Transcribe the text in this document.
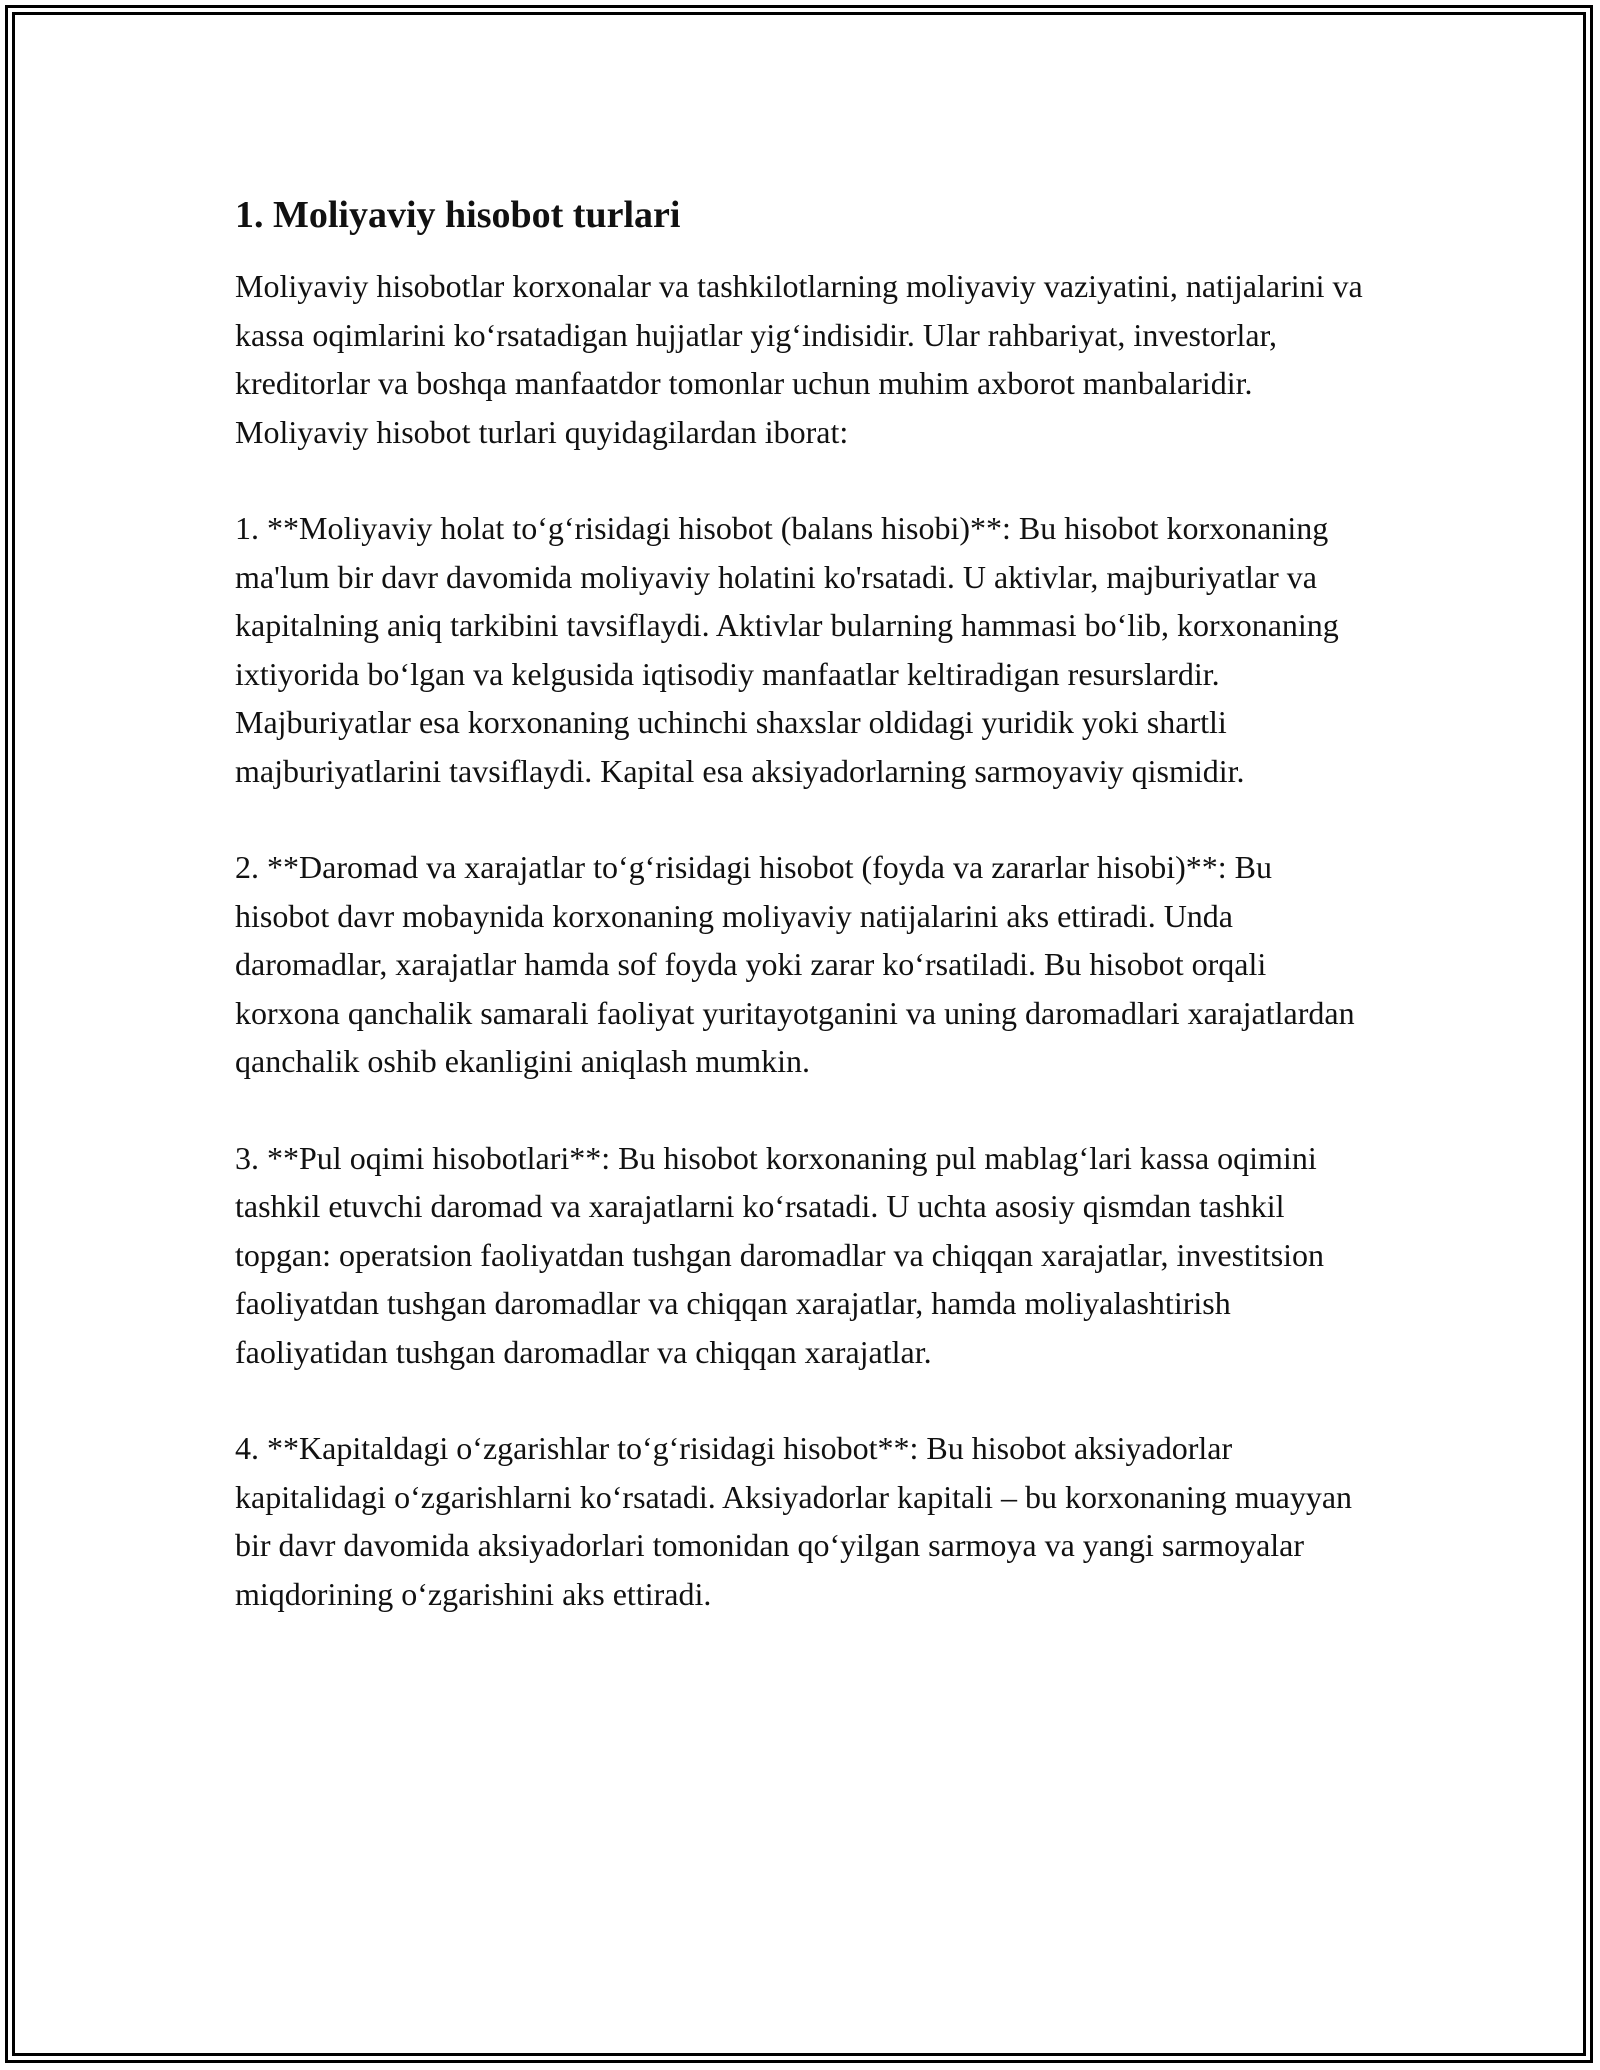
1. Moliyaviy hisobot turlari

Moliyaviy hisobotlar korxonalar va tashkilotlarning moliyaviy vaziyatini, natijalarini va kassa oqimlarini koʻrsatadigan hujjatlar yigʻindisidir. Ular rahbariyat, investorlar, kreditorlar va boshqa manfaatdor tomonlar uchun muhim axborot manbalaridir. Moliyaviy hisobot turlari quyidagilardan iborat:

1. **Moliyaviy holat toʻgʻrisidagi hisobot (balans hisobi)**: Bu hisobot korxonaning ma'lum bir davr davomida moliyaviy holatini ko'rsatadi. U aktivlar, majburiyatlar va kapitalning aniq tarkibini tavsiflaydi. Aktivlar bularning hammasi boʻlib, korxonaning ixtiyorida boʻlgan va kelgusida iqtisodiy manfaatlar keltiradigan resurslardir. Majburiyatlar esa korxonaning uchinchi shaxslar oldidagi yuridik yoki shartli majburiyatlarini tavsiflaydi. Kapital esa aksiyadorlarning sarmoyaviy qismidir.

2. **Daromad va xarajatlar toʻgʻrisidagi hisobot (foyda va zararlar hisobi)**: Bu hisobot davr mobaynida korxonaning moliyaviy natijalarini aks ettiradi. Unda daromadlar, xarajatlar hamda sof foyda yoki zarar koʻrsatiladi. Bu hisobot orqali korxona qanchalik samarali faoliyat yuritayotganini va uning daromadlari xarajatlardan qanchalik oshib ekanligini aniqlash mumkin.

3. **Pul oqimi hisobotlari**: Bu hisobot korxonaning pul mablagʻlari kassa oqimini tashkil etuvchi daromad va xarajatlarni koʻrsatadi. U uchta asosiy qismdan tashkil topgan: operatsion faoliyatdan tushgan daromadlar va chiqqan xarajatlar, investitsion faoliyatdan tushgan daromadlar va chiqqan xarajatlar, hamda moliyalashtirish faoliyatidan tushgan daromadlar va chiqqan xarajatlar.

4. **Kapitaldagi oʻzgarishlar toʻgʻrisidagi hisobot**: Bu hisobot aksiyadorlar kapitalidagi oʻzgarishlarni koʻrsatadi. Aksiyadorlar kapitali – bu korxonaning muayyan bir davr davomida aksiyadorlari tomonidan qoʻyilgan sarmoya va yangi sarmoyalar miqdorining oʻzgarishini aks ettiradi.
